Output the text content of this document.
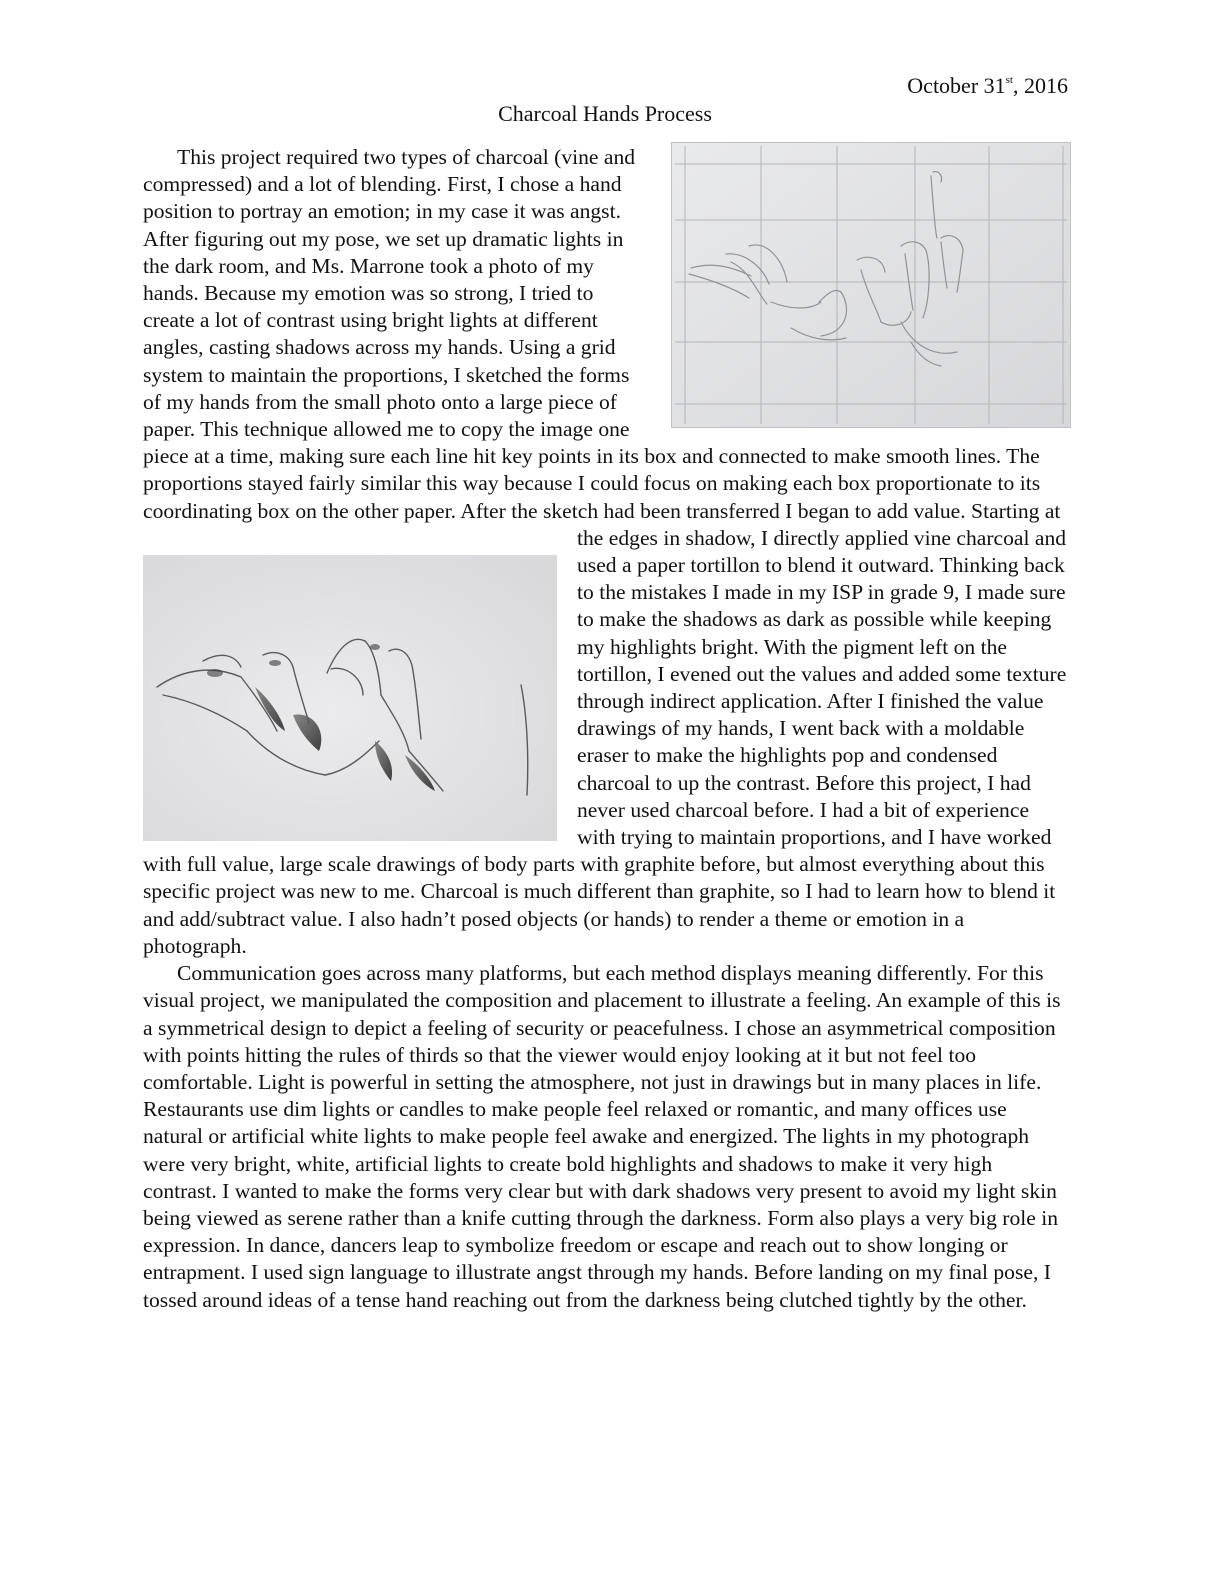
October 31st, 2016
Charcoal Hands Process

This project required two types of charcoal (vine and compressed) and a lot of blending. First, I chose a hand position to portray an emotion; in my case it was angst. After figuring out my pose, we set up dramatic lights in the dark room, and Ms. Marrone took a photo of my hands. Because my emotion was so strong, I tried to create a lot of contrast using bright lights at different angles, casting shadows across my hands. Using a grid system to maintain the proportions, I sketched the forms of my hands from the small photo onto a large piece of paper. This technique allowed me to copy the image one piece at a time, making sure each line hit key points in its box and connected to make smooth lines. The proportions stayed fairly similar this way because I could focus on making each box proportionate to its coordinating box on the other paper. After the sketch had been transferred I began to add value. Starting at the edges in
shadow, I directly applied vine charcoal and used a paper tortillon to blend it outward. Thinking back to the mistakes I made in my ISP in grade 9, I made sure to make the shadows as dark as possible while keeping my highlights bright. With the pigment left on the tortillon, I evened out the values and added some texture through indirect application. After I finished the value drawings of my hands, I went back with a moldable eraser to make the highlights pop and condensed charcoal to up the contrast. Before this project, I had never used charcoal before. I had a bit of experience with trying to maintain proportions, and I have worked with full value, large scale drawings of body parts with graphite before, but almost everything about this specific project was new to me. Charcoal is much different than graphite, so I had to learn how to blend it and add/subtract value. I also hadn’t posed objects (or hands) to render a theme or emotion in a photograph.

Communication goes across many platforms, but each method displays meaning differently. For this visual project, we manipulated the composition and placement to illustrate a feeling. An example of this is a symmetrical design to depict a feeling of security or peacefulness. I chose an asymmetrical composition with points hitting the rules of thirds so that the viewer would enjoy looking at it but not feel too comfortable. Light is powerful in setting the atmosphere, not just in drawings but in many places in life. Restaurants use dim lights or candles to make people feel relaxed or romantic, and many offices use natural or artificial white lights to make people feel awake and energized. The lights in my photograph were very bright, white, artificial lights to create bold highlights and shadows to make it very high contrast. I wanted to make the forms very clear but with dark shadows very present to avoid my light skin being viewed as serene rather than a knife cutting through the darkness. Form also plays a very big role in expression. In dance, dancers leap to symbolize freedom or escape and reach out to show longing or entrapment. I used sign language to illustrate angst through my hands. Before landing on my final pose, I tossed around ideas of a tense hand reaching out from the darkness being clutched tightly by the other.
